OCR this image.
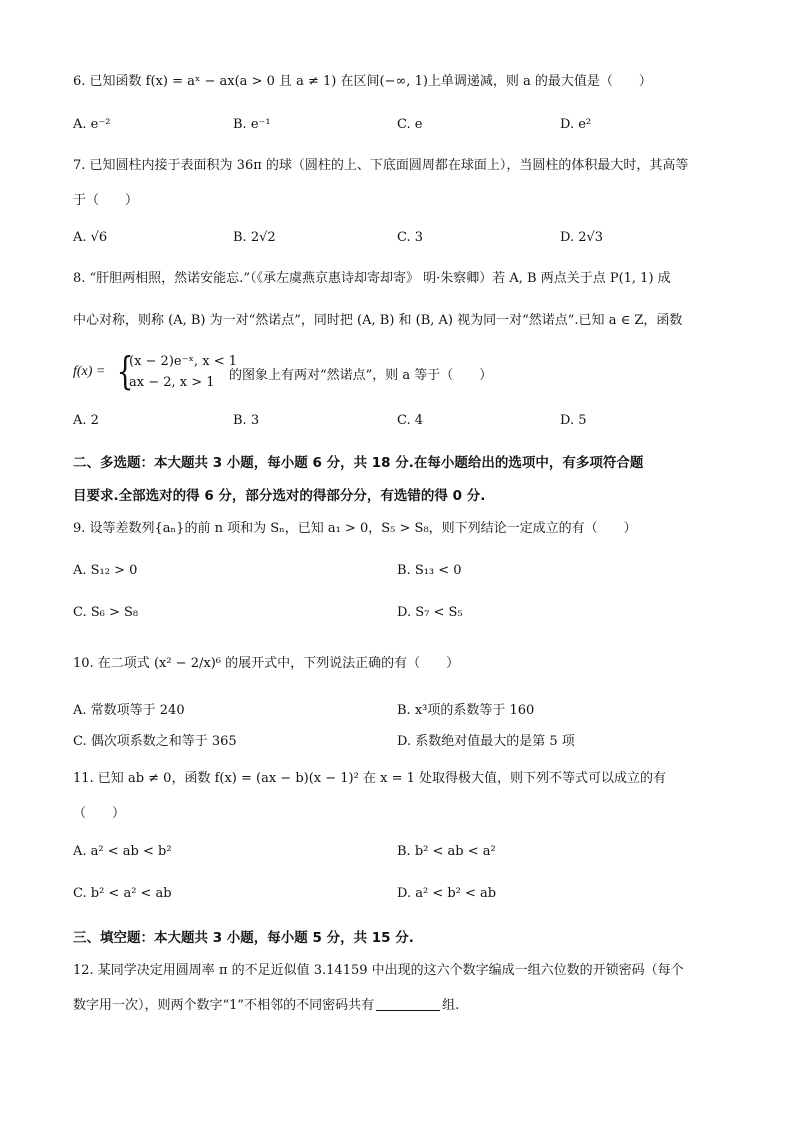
6. 已知函数 f(x) = aˣ − ax(a > 0 且 a ≠ 1) 在区间(−∞, 1)上单调递减，则 a 的最大值是（　　）
A. e⁻²	B. e⁻¹	C. e	D. e²
7. 已知圆柱内接于表面积为 36π 的球（圆柱的上、下底面圆周都在球面上），当圆柱的体积最大时，其高等
于（　　）
A. √6	B. 2√2	C. 3	D. 2√3
8. “肝胆两相照，然诺安能忘.”（《承左虞燕京惠诗却寄却寄》 明·朱察卿）若 A, B 两点关于点 P(1, 1) 成
中心对称，则称 (A, B) 为一对“然诺点”，同时把 (A, B) 和 (B, A) 视为同一对“然诺点”.已知 a ∈ Z，函数
f(x) = {
(x − 2)e⁻ˣ, x < 1
ax − 2, x > 1 的图象上有两对“然诺点”，则 a 等于（　　）
A. 2	B. 3	C. 4	D. 5
二、多选题：本大题共 3 小题，每小题 6 分，共 18 分.在每小题给出的选项中，有多项符合题
目要求.全部选对的得 6 分，部分选对的得部分分，有选错的得 0 分.
9. 设等差数列{aₙ}的前 n 项和为 Sₙ，已知 a₁ > 0，S₅ > S₈，则下列结论一定成立的有（　　）
A. S₁₂ > 0	B. S₁₃ < 0
C. S₆ > S₈	D. S₇ < S₅
10. 在二项式 (x² − 2/x)⁶ 的展开式中，下列说法正确的有（　　）
A. 常数项等于 240	B. x³项的系数等于 160
C. 偶次项系数之和等于 365	D. 系数绝对值最大的是第 5 项
11. 已知 ab ≠ 0，函数 f(x) = (ax − b)(x − 1)² 在 x = 1 处取得极大值，则下列不等式可以成立的有
（　　）
A. a² < ab < b²	B. b² < ab < a²
C. b² < a² < ab	D. a² < b² < ab
三、填空题：本大题共 3 小题，每小题 5 分，共 15 分.
12. 某同学决定用圆周率 π 的不足近似值 3.14159 中出现的这六个数字编成一组六位数的开锁密码（每个
数字用一次），则两个数字“1”不相邻的不同密码共有	组.
